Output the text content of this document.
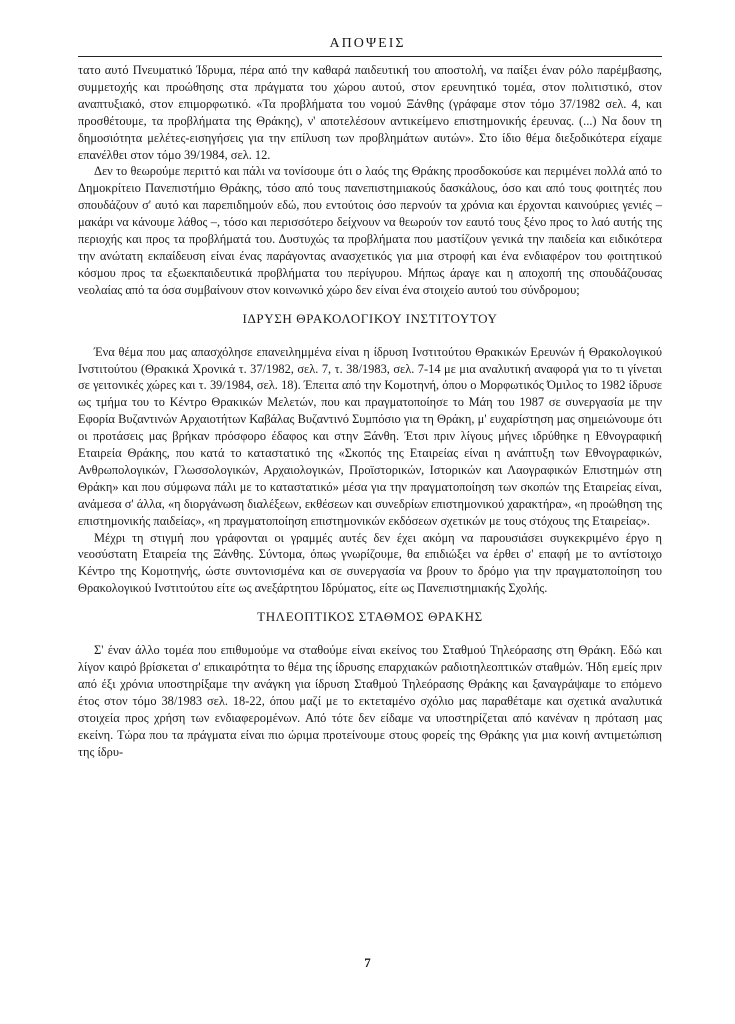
ΑΠΟΨΕΙΣ

τατο αυτό Πνευματικό Ίδρυμα, πέρα από την καθαρά παιδευτική του αποστολή, να παίξει έναν ρόλο παρέμβασης, συμμετοχής και προώθησης στα πράγματα του χώρου αυτού, στον ερευνητικό τομέα, στον πολιτιστικό, στον αναπτυξιακό, στον επιμορφωτικό. «Τα προβλήματα του νομού Ξάνθης (γράφαμε στον τόμο 37/1982 σελ. 4, και προσθέτουμε, τα προβλήματα της Θράκης), ν' αποτελέσουν αντικείμενο επιστημονικής έρευνας. (...) Να δουν τη δημοσιότητα μελέτες-εισηγήσεις για την επίλυση των προβλημάτων αυτών». Στο ίδιο θέμα διεξοδικότερα είχαμε επανέλθει στον τόμο 39/1984, σελ. 12.

Δεν το θεωρούμε περιττό και πάλι να τονίσουμε ότι ο λαός της Θράκης προσδοκούσε και περιμένει πολλά από το Δημοκρίτειο Πανεπιστήμιο Θράκης, τόσο από τους πανεπιστημιακούς δασκάλους, όσο και από τους φοιτητές που σπουδάζουν σ' αυτό και παρεπιδημούν εδώ, που εντούτοις όσο περνούν τα χρόνια και έρχονται καινούριες γενιές – μακάρι να κάνουμε λάθος –, τόσο και περισσότερο δείχνουν να θεωρούν τον εαυτό τους ξένο προς το λαό αυτής της περιοχής και προς τα προβλήματά του. Δυστυχώς τα προβλήματα που μαστίζουν γενικά την παιδεία και ειδικότερα την ανώτατη εκπαίδευση είναι ένας παράγοντας ανασχετικός για μια στροφή και ένα ενδιαφέρον του φοιτητικού κόσμου προς τα εξωεκπαιδευτικά προβλήματα του περίγυρου. Μήπως άραγε και η αποχοπή της σπουδάζουσας νεολαίας από τα όσα συμβαίνουν στον κοινωνικό χώρο δεν είναι ένα στοιχείο αυτού του σύνδρομου;

ΙΔΡΥΣΗ ΘΡΑΚΟΛΟΓΙΚΟΥ ΙΝΣΤΙΤΟΥΤΟΥ

Ένα θέμα που μας απασχόλησε επανειλημμένα είναι η ίδρυση Ινστιτούτου Θρακικών Ερευνών ή Θρακολογικού Ινστιτούτου (Θρακικά Χρονικά τ. 37/1982, σελ. 7, τ. 38/1983, σελ. 7-14 με μια αναλυτική αναφορά για το τι γίνεται σε γειτονικές χώρες και τ. 39/1984, σελ. 18). Έπειτα από την Κομοτηνή, όπου ο Μορφωτικός Όμιλος το 1982 ίδρυσε ως τμήμα του το Κέντρο Θρακικών Μελετών, που και πραγματοποίησε το Μάη του 1987 σε συνεργασία με την Εφορία Βυζαντινών Αρχαιοτήτων Καβάλας Βυζαντινό Συμπόσιο για τη Θράκη, μ' ευχαρίστηση μας σημειώνουμε ότι οι προτάσεις μας βρήκαν πρόσφορο έδαφος και στην Ξάνθη. Έτσι πριν λίγους μήνες ιδρύθηκε η Εθνογραφική Εταιρεία Θράκης, που κατά το καταστατικό της «Σκοπός της Εταιρείας είναι η ανάπτυξη των Εθνογραφικών, Ανθρωπολογικών, Γλωσσολογικών, Αρχαιολογικών, Προϊστορικών, Ιστορικών και Λαογραφικών Επιστημών στη Θράκη» και που σύμφωνα πάλι με το καταστατικό» μέσα για την πραγματοποίηση των σκοπών της Εταιρείας είναι, ανάμεσα σ' άλλα, «η διοργάνωση διαλέξεων, εκθέσεων και συνεδρίων επιστημονικού χαρακτήρα», «η προώθηση της επιστημονικής παιδείας», «η πραγματοποίηση επιστημονικών εκδόσεων σχετικών με τους στόχους της Εταιρείας».

Μέχρι τη στιγμή που γράφονται οι γραμμές αυτές δεν έχει ακόμη να παρουσιάσει συγκεκριμένο έργο η νεοσύστατη Εταιρεία της Ξάνθης. Σύντομα, όπως γνωρίζουμε, θα επιδιώξει να έρθει σ' επαφή με το αντίστοιχο Κέντρο της Κομοτηνής, ώστε συντονισμένα και σε συνεργασία να βρουν το δρόμο για την πραγματοποίηση του Θρακολογικού Ινστιτούτου είτε ως ανεξάρτητου Ιδρύματος, είτε ως Πανεπιστημιακής Σχολής.

ΤΗΛΕΟΠΤΙΚΟΣ ΣΤΑΘΜΟΣ ΘΡΑΚΗΣ

Σ' έναν άλλο τομέα που επιθυμούμε να σταθούμε είναι εκείνος του Σταθμού Τηλεόρασης στη Θράκη. Εδώ και λίγον καιρό βρίσκεται σ' επικαιρότητα το θέμα της ίδρυσης επαρχιακών ραδιοτηλεοπτικών σταθμών. Ήδη εμείς πριν από έξι χρόνια υποστηρίξαμε την ανάγκη για ίδρυση Σταθμού Τηλεόρασης Θράκης και ξαναγράψαμε το επόμενο έτος στον τόμο 38/1983 σελ. 18-22, όπου μαζί με το εκτεταμένο σχόλιο μας παραθέταμε και σχετικά αναλυτικά στοιχεία προς χρήση των ενδιαφερομένων. Από τότε δεν είδαμε να υποστηρίζεται από κανέναν η πρόταση μας εκείνη. Τώρα που τα πράγματα είναι πιο ώριμα προτείνουμε στους φορείς της Θράκης για μια κοινή αντιμετώπιση της ίδρυ-

7
